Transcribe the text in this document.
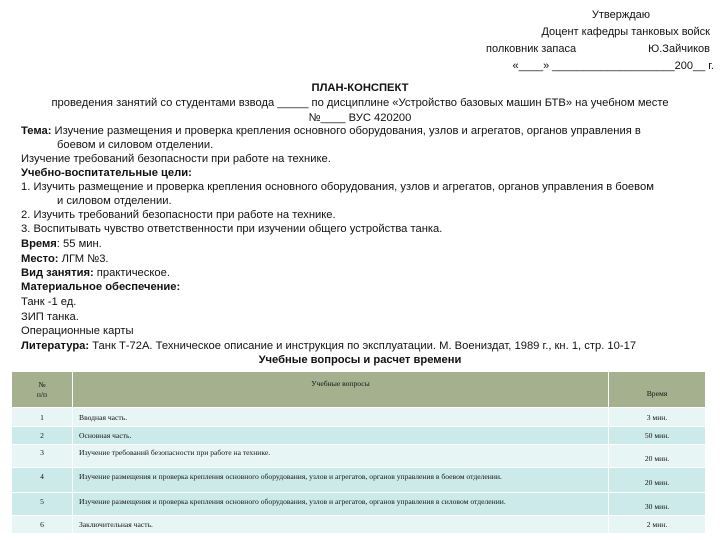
Утверждаю
Доцент кафедры танковых войск
полковник запаса	Ю.Зайчиков
«____» ____________________200__ г.
ПЛАН-КОНСПЕКТ
проведения занятий со студентами взвода _____ по дисциплине «Устройство базовых машин БТВ» на учебном месте
№____ ВУС 420200
Тема: Изучение размещения и проверка крепления основного оборудования, узлов и агрегатов, органов управления в
боевом и силовом отделении.
Изучение требований безопасности при работе на технике.
Учебно-воспитательные цели:
1. Изучить размещение и проверка крепления основного оборудования, узлов и агрегатов, органов управления в боевом
и силовом отделении.
2. Изучить требований безопасности при работе на технике.
3. Воспитывать чувство ответственности при изучении общего устройства танка.
Время: 55 мин.
Место: ЛГМ №3.
Вид занятия: практическое.
Материальное обеспечение:
Танк -1 ед.
ЗИП танка.
Операционные карты
Литература: Танк Т-72А. Техническое описание и инструкция по эксплуатации. М. Воениздат, 1989 г., кн. 1, стр. 10-17
Учебные вопросы и расчет времени
№
п/п	Учебные вопросы	Время
1	Вводная часть.	3 мин.
2	Основная часть.	50 мин.
3	Изучение требований безопасности при работе на технике.	20 мин.
4	Изучение размещения и проверка крепления основного оборудования, узлов и агрегатов, органов управления в боевом отделении.	20 мин.
5	Изучение размещения и проверка крепления основного оборудования, узлов и агрегатов, органов управления в силовом отделении.	30 мин.
6	Заключительная часть.	2 мин.
